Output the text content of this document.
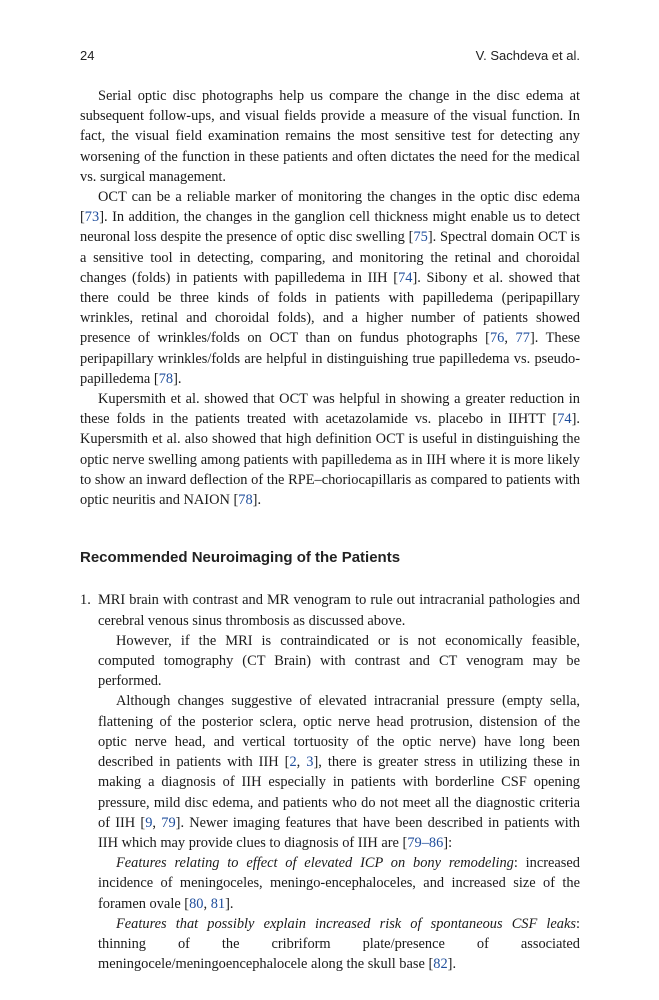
24	V. Sachdeva et al.

Serial optic disc photographs help us compare the change in the disc edema at subsequent follow-ups, and visual fields provide a measure of the visual function. In fact, the visual field examination remains the most sensitive test for detecting any worsening of the function in these patients and often dictates the need for the medical vs. surgical management.

OCT can be a reliable marker of monitoring the changes in the optic disc edema [73]. In addition, the changes in the ganglion cell thickness might enable us to detect neuronal loss despite the presence of optic disc swelling [75]. Spectral domain OCT is a sensitive tool in detecting, comparing, and monitoring the retinal and choroidal changes (folds) in patients with papilledema in IIH [74]. Sibony et al. showed that there could be three kinds of folds in patients with papilledema (peripapillary wrinkles, retinal and choroidal folds), and a higher number of patients showed presence of wrinkles/folds on OCT than on fundus photographs [76, 77]. These peripapillary wrinkles/folds are helpful in distinguishing true papilledema vs. pseudo-papilledema [78].

Kupersmith et al. showed that OCT was helpful in showing a greater reduction in these folds in the patients treated with acetazolamide vs. placebo in IIHTT [74]. Kupersmith et al. also showed that high definition OCT is useful in distinguishing the optic nerve swelling among patients with papilledema as in IIH where it is more likely to show an inward deflection of the RPE–choriocapillaris as compared to patients with optic neuritis and NAION [78].

Recommended Neuroimaging of the Patients
1. MRI brain with contrast and MR venogram to rule out intracranial pathologies and cerebral venous sinus thrombosis as discussed above.

However, if the MRI is contraindicated or is not economically feasible, computed tomography (CT Brain) with contrast and CT venogram may be performed.

Although changes suggestive of elevated intracranial pressure (empty sella, flattening of the posterior sclera, optic nerve head protrusion, distension of the optic nerve head, and vertical tortuosity of the optic nerve) have long been described in patients with IIH [2, 3], there is greater stress in utilizing these in making a diagnosis of IIH especially in patients with borderline CSF opening pressure, mild disc edema, and patients who do not meet all the diagnostic criteria of IIH [9, 79]. Newer imaging features that have been described in patients with IIH which may provide clues to diagnosis of IIH are [79–86]:

Features relating to effect of elevated ICP on bony remodeling: increased incidence of meningoceles, meningo-encephaloceles, and increased size of the foramen ovale [80, 81].

Features that possibly explain increased risk of spontaneous CSF leaks: thinning of the cribriform plate/presence of associated meningocele/meningoencephalocele along the skull base [82].
